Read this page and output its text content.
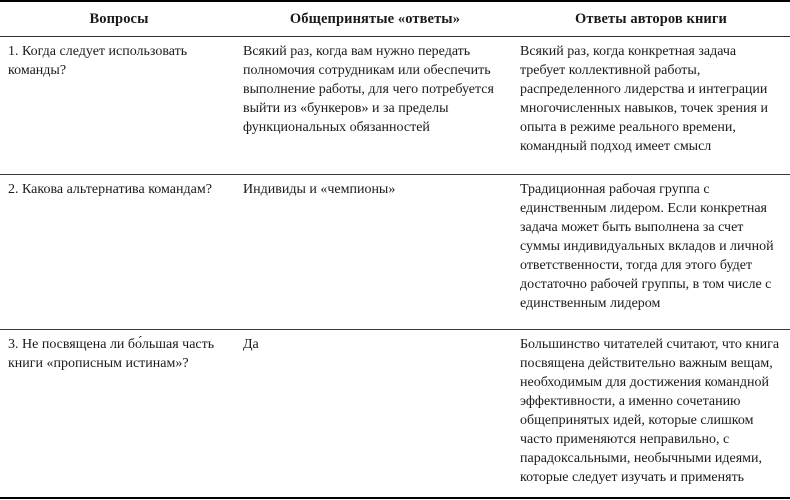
Вопросы	Общепринятые «ответы»	Ответы авторов книги
1. Когда следует использовать команды?	Всякий раз, когда вам нужно передать полномочия сотрудникам или обеспечить выполнение работы, для чего потребуется выйти из «бункеров» и за пределы функциональных обязанностей	Всякий раз, когда конкретная задача требует коллективной работы, распределенного лидерства и интеграции многочисленных навыков, точек зрения и опыта в режиме реального времени, командный подход имеет смысл
2. Какова альтернатива командам?	Индивиды и «чемпионы»	Традиционная рабочая группа с единственным лидером. Если конкретная задача может быть выполнена за счет суммы индивидуальных вкладов и личной ответственности, тогда для этого будет достаточно рабочей группы, в том числе с единственным лидером
3. Не посвящена ли бо́льшая часть книги «прописным истинам»?	Да	Большинство читателей считают, что книга посвящена действительно важным вещам, необходимым для достижения командной эффективности, а именно сочетанию общепринятых идей, которые слишком часто применяются неправильно, с парадоксальными, необычными идеями, которые следует изучать и применять
